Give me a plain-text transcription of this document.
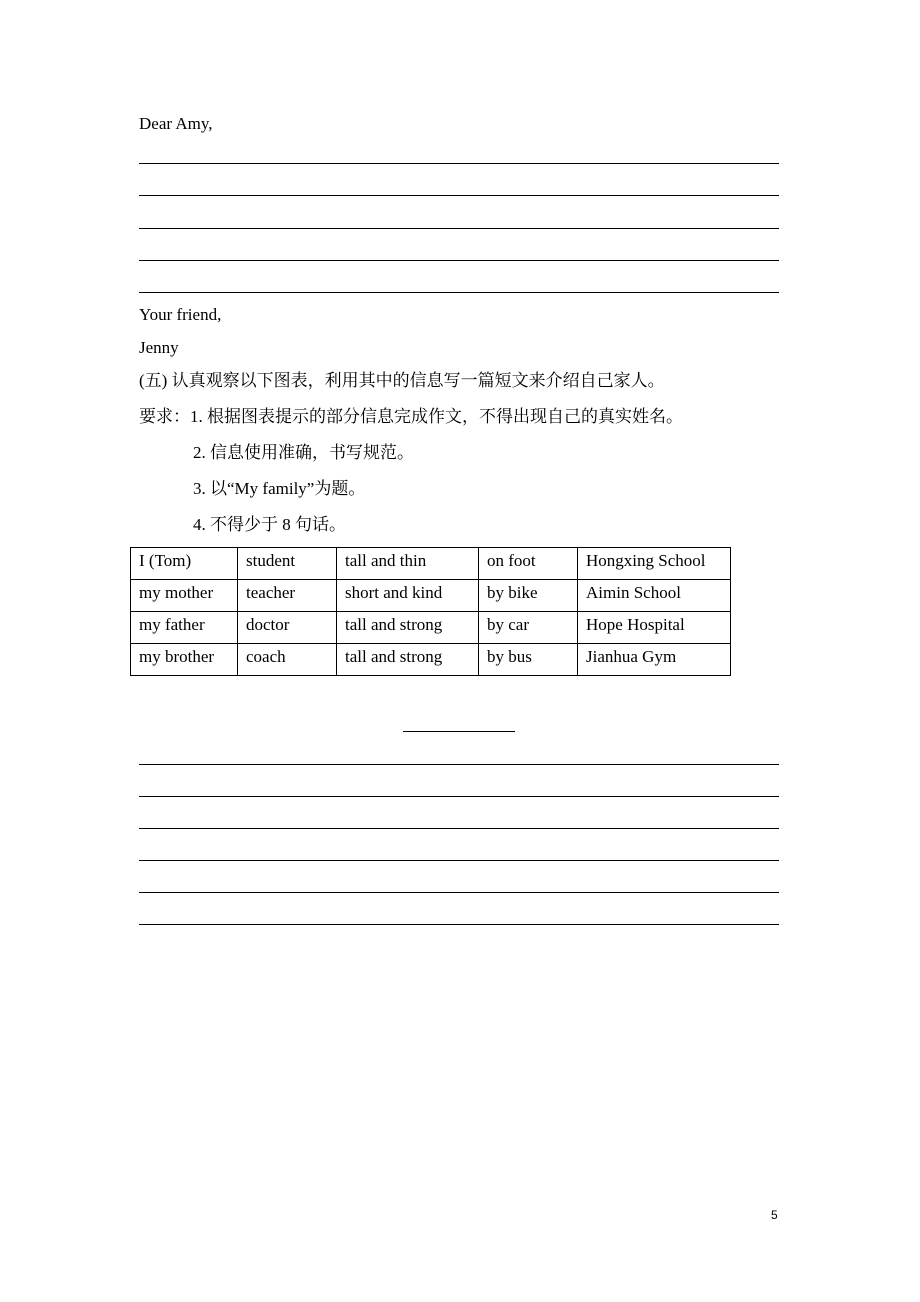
Dear Amy,
Your friend,
Jenny
(五) 认真观察以下图表，利用其中的信息写一篇短文来介绍自己家人。
要求：1. 根据图表提示的部分信息完成作文，不得出现自己的真实姓名。
2. 信息使用准确，书写规范。
3. 以“My family”为题。
4. 不得少于 8 句话。
I (Tom)	student	tall and thin	on foot	Hongxing School
my mother	teacher	short and kind	by bike	Aimin School
my father	doctor	tall and strong	by car	Hope Hospital
my brother	coach	tall and strong	by bus	Jianhua Gym
5
